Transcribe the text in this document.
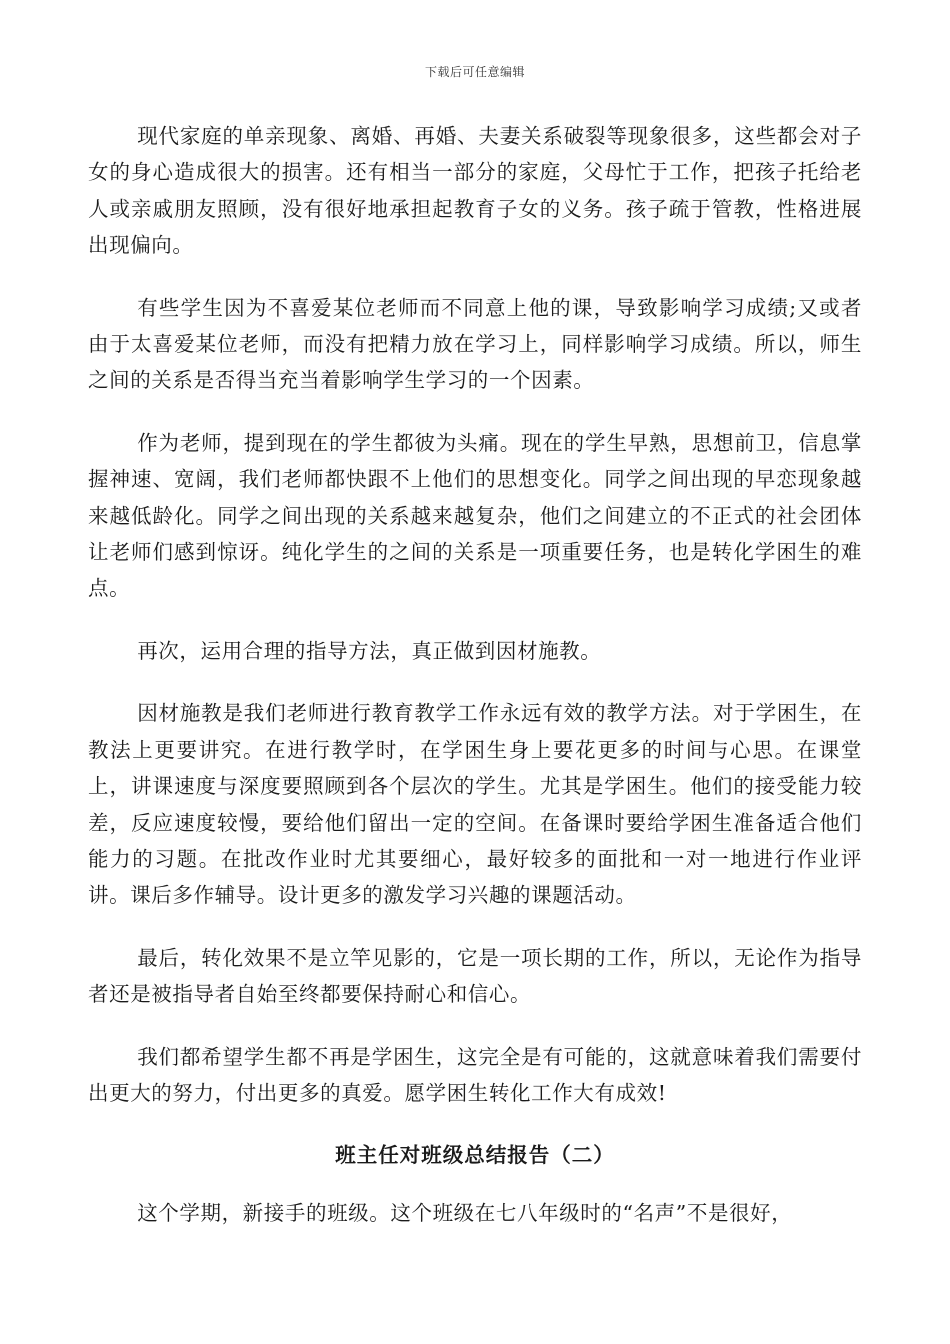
下载后可任意编辑

现代家庭的单亲现象、离婚、再婚、夫妻关系破裂等现象很多，这些都会对子女的身心造成很大的损害。还有相当一部分的家庭，父母忙于工作，把孩子托给老人或亲戚朋友照顾，没有很好地承担起教育子女的义务。孩子疏于管教，性格进展出现偏向。

有些学生因为不喜爱某位老师而不同意上他的课，导致影响学习成绩;又或者由于太喜爱某位老师，而没有把精力放在学习上，同样影响学习成绩。所以，师生之间的关系是否得当充当着影响学生学习的一个因素。

作为老师，提到现在的学生都彼为头痛。现在的学生早熟，思想前卫，信息掌握神速、宽阔，我们老师都快跟不上他们的思想变化。同学之间出现的早恋现象越来越低龄化。同学之间出现的关系越来越复杂，他们之间建立的不正式的社会团体让老师们感到惊讶。纯化学生的之间的关系是一项重要任务，也是转化学困生的难点。

再次，运用合理的指导方法，真正做到因材施教。

因材施教是我们老师进行教育教学工作永远有效的教学方法。对于学困生，在教法上更要讲究。在进行教学时，在学困生身上要花更多的时间与心思。在课堂上，讲课速度与深度要照顾到各个层次的学生。尤其是学困生。他们的接受能力较差，反应速度较慢，要给他们留出一定的空间。在备课时要给学困生准备适合他们能力的习题。在批改作业时尤其要细心，最好较多的面批和一对一地进行作业评讲。课后多作辅导。设计更多的激发学习兴趣的课题活动。

最后，转化效果不是立竿见影的，它是一项长期的工作，所以，无论作为指导者还是被指导者自始至终都要保持耐心和信心。

我们都希望学生都不再是学困生，这完全是有可能的，这就意味着我们需要付出更大的努力，付出更多的真爱。愿学困生转化工作大有成效!

班主任对班级总结报告（二）

这个学期，新接手的班级。这个班级在七八年级时的“名声”不是很好，
